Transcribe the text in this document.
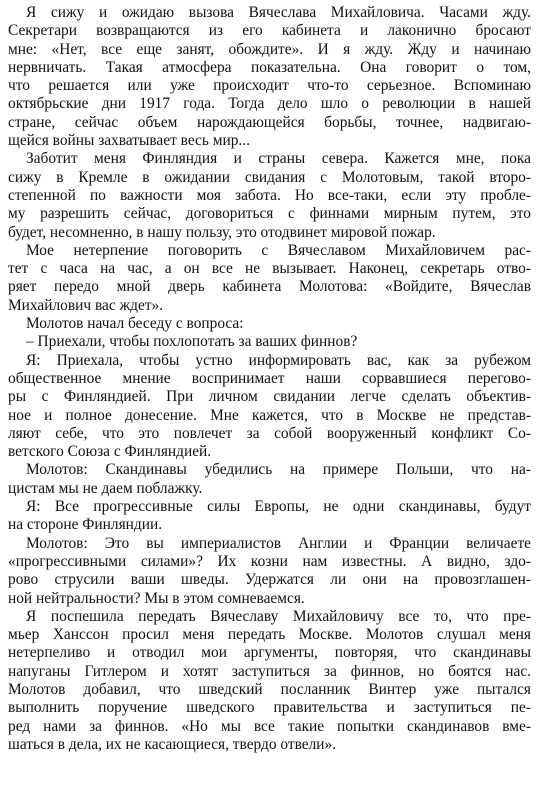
Я сижу и ожидаю вызова Вячеслава Михайловича. Часами жду.
Секретари возвращаются из его кабинета и лаконично бросают
мне: «Нет, все еще занят, обождите». И я жду. Жду и начинаю
нервничать. Такая атмосфера показательна. Она говорит о том,
что решается или уже происходит что-то серьезное. Вспоминаю
октябрьские дни 1917 года. Тогда дело шло о революции в нашей
стране, сейчас объем нарождающейся борьбы, точнее, надвигаю-
щейся войны захватывает весь мир...
Заботит меня Финляндия и страны севера. Кажется мне, пока
сижу в Кремле в ожидании свидания с Молотовым, такой второ-
степенной по важности моя забота. Но все-таки, если эту пробле-
му разрешить сейчас, договориться с финнами мирным путем, это
будет, несомненно, в нашу пользу, это отодвинет мировой пожар.
Мое нетерпение поговорить с Вячеславом Михайловичем рас-
тет с часа на час, а он все не вызывает. Наконец, секретарь отво-
ряет передо мной дверь кабинета Молотова: «Войдите, Вячеслав
Михайлович вас ждет».
Молотов начал беседу с вопроса:
– Приехали, чтобы похлопотать за ваших финнов?
Я: Приехала, чтобы устно информировать вас, как за рубежом
общественное мнение воспринимает наши сорвавшиеся перегово-
ры с Финляндией. При личном свидании легче сделать объектив-
ное и полное донесение. Мне кажется, что в Москве не представ-
ляют себе, что это повлечет за собой вооруженный конфликт Со-
ветского Союза с Финляндией.
Молотов: Скандинавы убедились на примере Польши, что на-
цистам мы не даем поблажку.
Я: Все прогрессивные силы Европы, не одни скандинавы, будут
на стороне Финляндии.
Молотов: Это вы империалистов Англии и Франции величаете
«прогрессивными силами»? Их козни нам известны. А видно, здо-
рово струсили ваши шведы. Удержатся ли они на провозглашен-
ной нейтральности? Мы в этом сомневаемся.
Я поспешила передать Вячеславу Михайловичу все то, что пре-
мьер Ханссон просил меня передать Москве. Молотов слушал меня
нетерпеливо и отводил мои аргументы, повторяя, что скандинавы
напуганы Гитлером и хотят заступиться за финнов, но боятся нас.
Молотов добавил, что шведский посланник Винтер уже пытался
выполнить поручение шведского правительства и заступиться пе-
ред нами за финнов. «Но мы все такие попытки скандинавов вме-
шаться в дела, их не касающиеся, твердо отвели».
